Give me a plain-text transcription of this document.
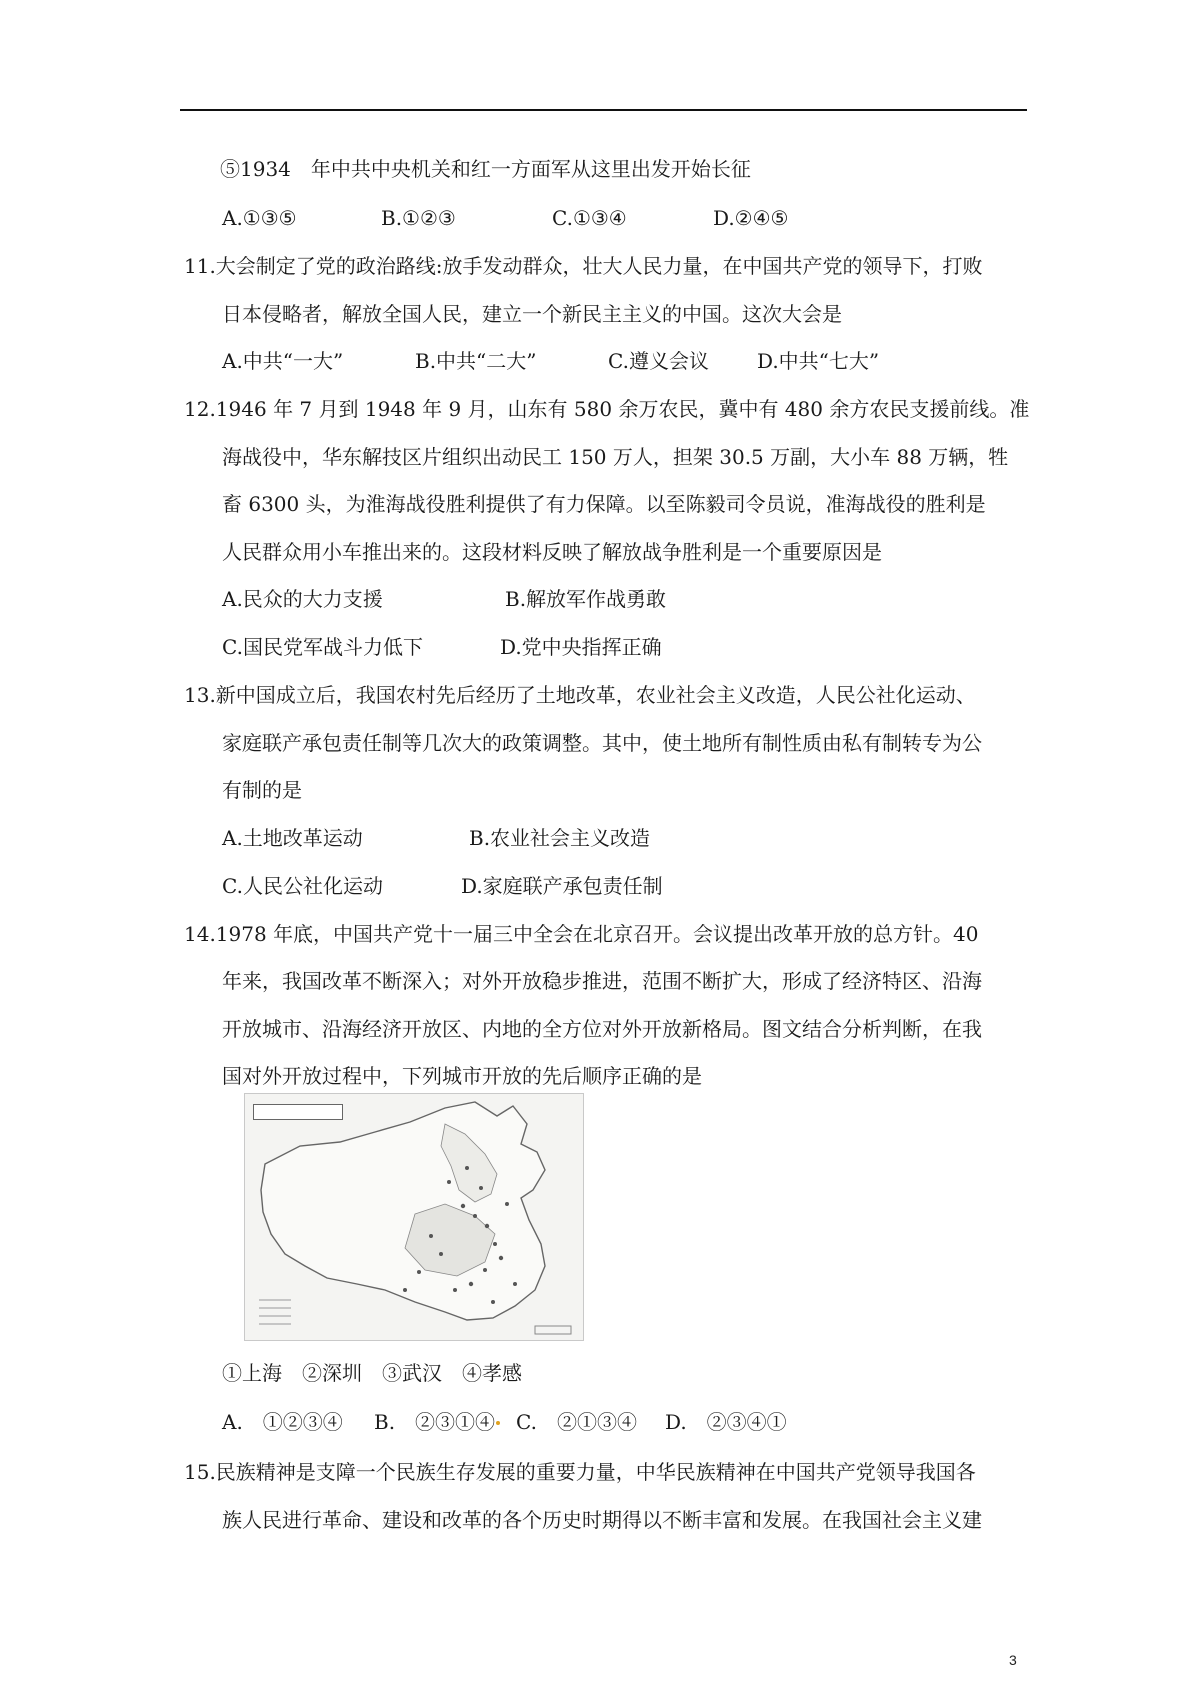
⑤1934　年中共中央机关和红一方面军从这里出发开始长征
A.①③⑤	B.①②③	C.①③④	D.②④⑤
11.大会制定了党的政治路线:放手发动群众，壮大人民力量，在中国共产党的领导下，打败
日本侵略者，解放全国人民，建立一个新民主主义的中国。这次大会是
A.中共“一大”	B.中共“二大”	C.遵义会议 D.中共“七大”
12.1946 年 7 月到 1948 年 9 月，山东有 580 余万农民，冀中有 480 余方农民支援前线。准
海战役中，华东解技区片组织出动民工 150 万人，担架 30.5 万副，大小车 88 万辆，牲
畜 6300 头，为淮海战役胜利提供了有力保障。以至陈毅司令员说，准海战役的胜利是
人民群众用小车推出来的。这段材料反映了解放战争胜利是一个重要原因是
A.民众的大力支援	B.解放军作战勇敢
C.国民党军战斗力低下	D.党中央指挥正确
13.新中国成立后，我国农村先后经历了土地改革，农业社会主义改造，人民公社化运动、
家庭联产承包责任制等几次大的政策调整。其中，使土地所有制性质由私有制转专为公
有制的是
A.土地改革运动	B.农业社会主义改造
C.人民公社化运动	D.家庭联产承包责任制
14.1978 年底，中国共产党十一届三中全会在北京召开。会议提出改革开放的总方针。40
年来，我国改革不断深入；对外开放稳步推进，范围不断扩大，形成了经济特区、沿海
开放城市、沿海经济开放区、内地的全方位对外开放新格局。图文结合分析判断，在我
国对外开放过程中，下列城市开放的先后顺序正确的是
①上海　②深圳　③武汉　④孝感
A.　①②③④ B.　②③①④ C.　②①③④ D.　②③④①
15.民族精神是支障一个民族生存发展的重要力量，中华民族精神在中国共产党领导我国各
族人民进行革命、建设和改革的各个历史时期得以不断丰富和发展。在我国社会主义建
3
